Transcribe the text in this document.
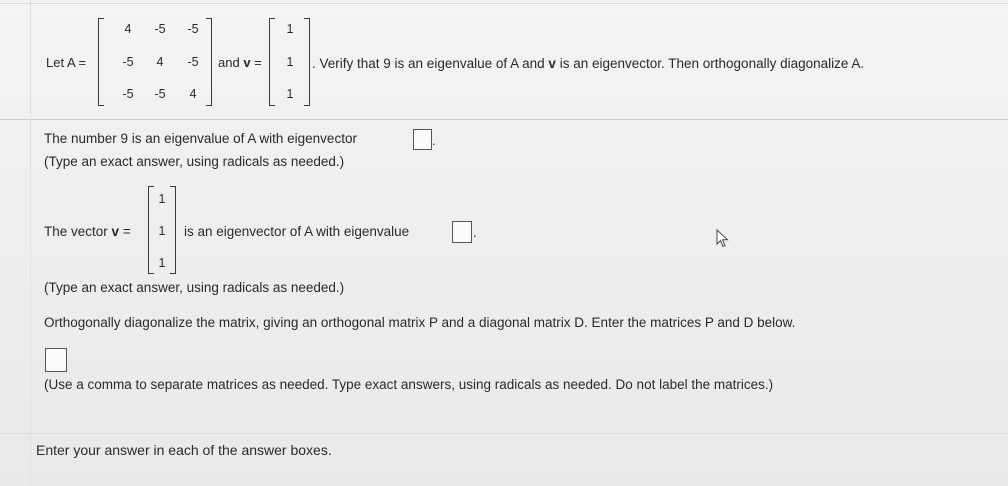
Let A =
4	-5	-5
-5	4	-5
-5	-5	4
and v =
1
1
1
. Verify that 9 is an eigenvalue of A and v is an eigenvector. Then orthogonally diagonalize A.
The number 9 is an eigenvalue of A with eigenvector	.
(Type an exact answer, using radicals as needed.)
The vector v =
1
1
1
is an eigenvector of A with eigenvalue	.
(Type an exact answer, using radicals as needed.)
Orthogonally diagonalize the matrix, giving an orthogonal matrix P and a diagonal matrix D. Enter the matrices P and D below.
(Use a comma to separate matrices as needed. Type exact answers, using radicals as needed. Do not label the matrices.)
Enter your answer in each of the answer boxes.
